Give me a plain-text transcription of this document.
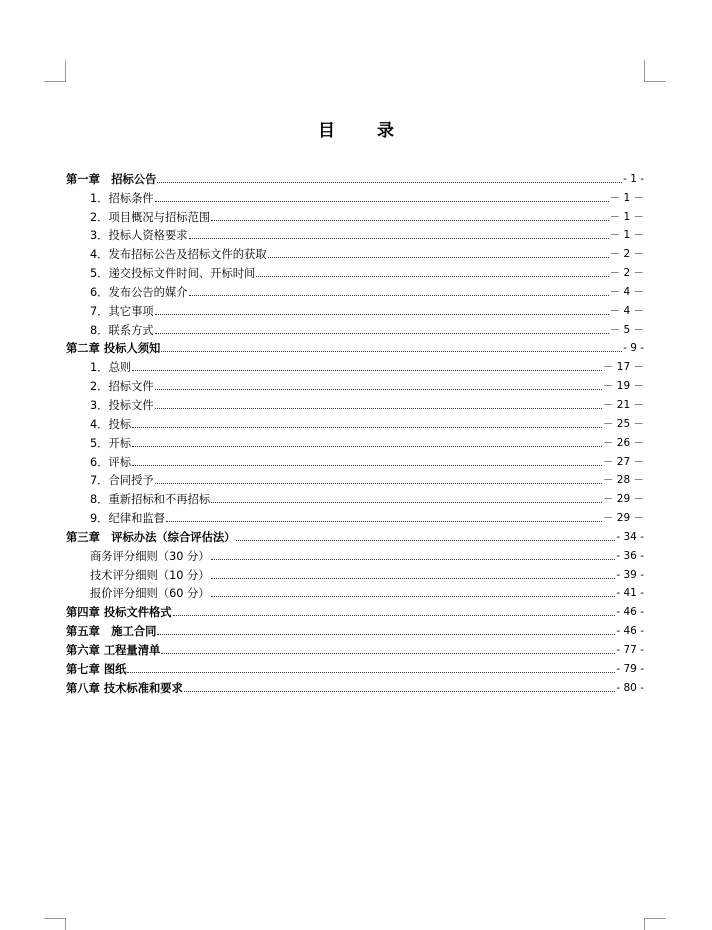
目 录
第一章　招标公告	- 1 -
1．招标条件	－ 1 －
2．项目概况与招标范围	－ 1 －
3．投标人资格要求	－ 1 －
4．发布招标公告及招标文件的获取	－ 2 －
5．递交投标文件时间、开标时间	－ 2 －
6．发布公告的媒介	－ 4 －
7．其它事项	－ 4 －
8．联系方式	－ 5 －
第二章 投标人须知	- 9 -
1．总则	－ 17 －
2．招标文件	－ 19 －
3．投标文件	－ 21 －
4．投标	－ 25 －
5．开标	－ 26 －
6．评标	－ 27 －
7．合同授予	－ 28 －
8．重新招标和不再招标	－ 29 －
9．纪律和监督	－ 29 －
第三章　评标办法（综合评估法）	- 34 -
商务评分细则（30 分）	- 36 -
技术评分细则（10 分）	- 39 -
报价评分细则（60 分）	- 41 -
第四章 投标文件格式	- 46 -
第五章　施工合同	- 46 -
第六章 工程量清单	- 77 -
第七章 图纸	- 79 -
第八章 技术标准和要求	- 80 -
